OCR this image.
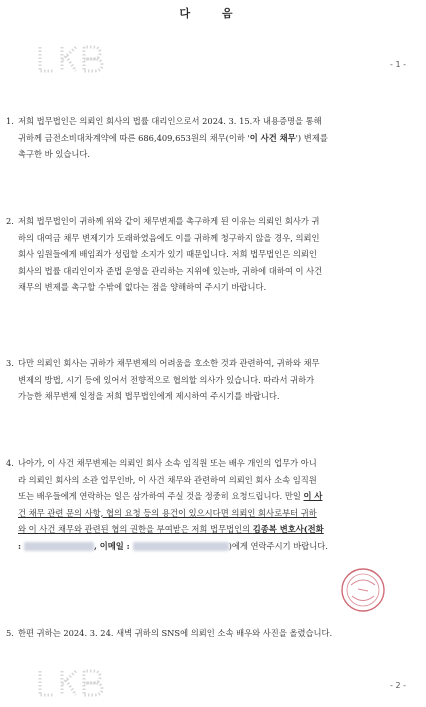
다 음
- 1 -
1. 저희 법무법인은 의뢰인 회사의 법률 대리인으로서 2024. 3. 15.자 내용증명을 통해
귀하께 금전소비대차계약에 따른 686,409,653원의 채무(이하 '이 사건 채무') 변제를
촉구한 바 있습니다.
2. 저희 법무법인이 귀하께 위와 같이 채무변제를 촉구하게 된 이유는 의뢰인 회사가 귀
하의 대여금 채무 변제기가 도래하였음에도 이를 귀하께 청구하지 않을 경우, 의뢰인
회사 임원들에게 배임죄가 성립할 소지가 있기 때문입니다. 저희 법무법인은 의뢰인
회사의 법률 대리인이자 준법 운영을 관리하는 지위에 있는바, 귀하에 대하여 이 사건
채무의 변제를 촉구할 수밖에 없다는 점을 양해하여 주시기 바랍니다.
3. 다만 의뢰인 회사는 귀하가 채무변제의 어려움을 호소한 것과 관련하여, 귀하와 채무
변제의 방법, 시기 등에 있어서 전향적으로 협의할 의사가 있습니다. 따라서 귀하가
가능한 채무변제 일정을 저희 법무법인에게 제시하여 주시기를 바랍니다.
4. 나아가, 이 사건 채무변제는 의뢰인 회사 소속 임직원 또는 배우 개인의 업무가 아니
라 의뢰인 회사의 소관 업무인바, 이 사건 채무와 관련하여 의뢰인 회사 소속 임직원
또는 배우들에게 연락하는 일은 삼가하여 주실 것을 정중히 요청드립니다. 만일 이 사
건 채무 관련 문의 사항, 협의 요청 등의 용건이 있으시다면 의뢰인 회사로부터 귀하
와 이 사건 채무와 관련된 협의 권한을 부여받은 저희 법무법인의 김종복 변호사(전화
:	, 이메일 :	)에게 연락주시기 바랍니다.
5. 한편 귀하는 2024. 3. 24. 새벽 귀하의 SNS에 의뢰인 소속 배우와 사진을 올렸습니다.
- 2 -
